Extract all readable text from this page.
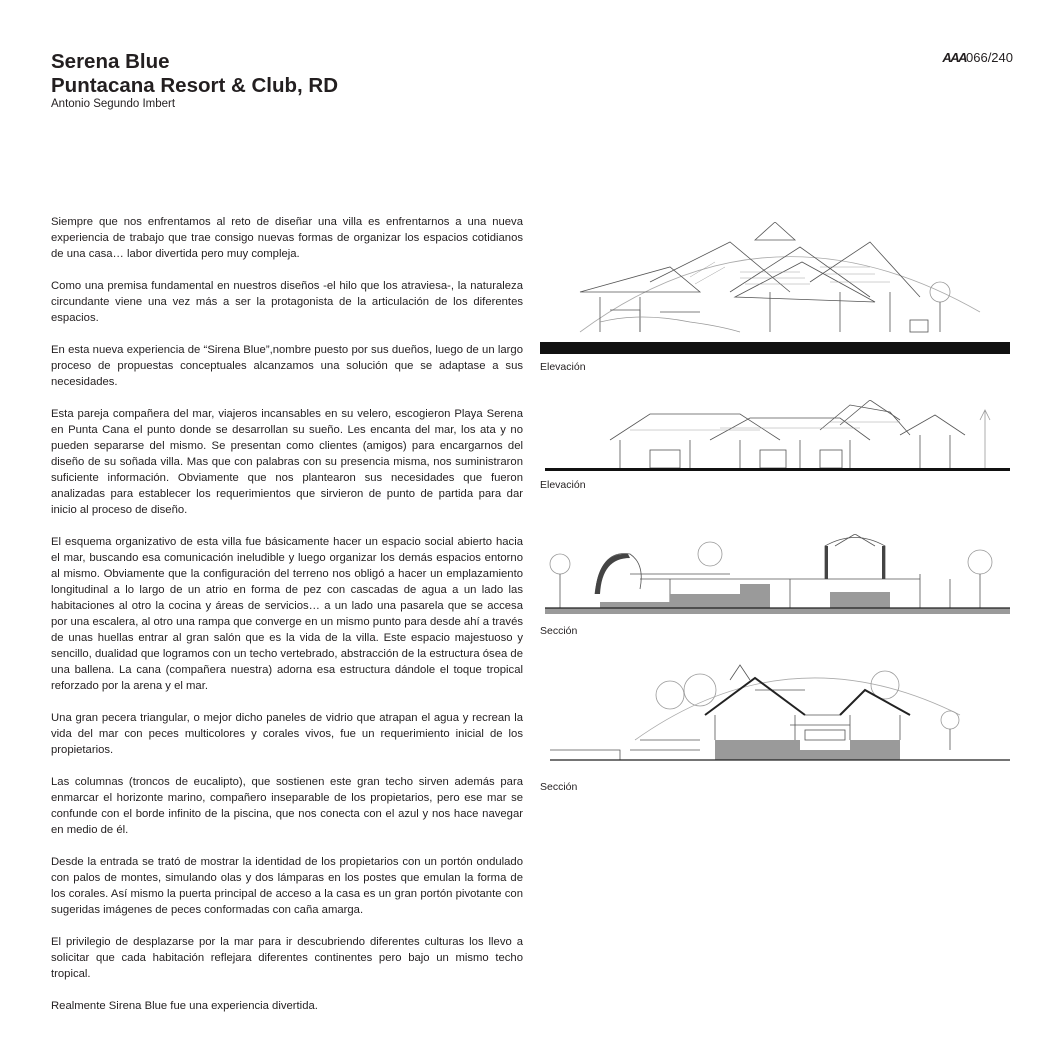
Serena Blue
Puntacana Resort & Club, RD
Antonio Segundo Imbert
AAA066/240

Siempre que nos enfrentamos al reto de diseñar una villa es enfrentarnos a una nueva experiencia de trabajo que trae consigo nuevas formas de organizar los espacios cotidianos de una casa… labor divertida pero muy compleja.

Como una premisa fundamental en nuestros diseños -el hilo que los atraviesa-, la naturaleza circundante viene una vez más a ser la protagonista de la articulación de los diferentes espacios.

En esta nueva experiencia de “Sirena Blue”,nombre puesto por sus dueños, luego de un largo proceso de propuestas conceptuales alcanzamos una solución que se adaptase a sus necesidades.

Esta pareja compañera del mar, viajeros incansables en su velero, escogieron Playa Serena en Punta Cana el punto donde se desarrollan su sueño. Les encanta del mar, los ata y no pueden separarse del mismo. Se presentan como clientes (amigos) para encargarnos del diseño de su soñada villa. Mas que con palabras con su presencia misma, nos suministraron suficiente información. Obviamente que nos plantearon sus necesidades que fueron analizadas para establecer los requerimientos que sirvieron de punto de partida para dar inicio al proceso de diseño.

El esquema organizativo de esta villa fue básicamente hacer un espacio social abierto hacia el mar, buscando esa comunicación ineludible y luego organizar los demás espacios entorno al mismo. Obviamente que la configuración del terreno nos obligó a hacer un emplazamiento longitudinal a lo largo de un atrio en forma de pez con cascadas de agua a un lado las habitaciones al otro la cocina y áreas de servicios… a un lado una pasarela que se accesa por una escalera, al otro una rampa que converge en un mismo punto para desde ahí a través de unas huellas entrar al gran salón que es la vida de la villa. Este espacio majestuoso y sencillo, dualidad que logramos con un techo vertebrado, abstracción de la estructura ósea de una ballena. La cana (compañera nuestra) adorna esa estructura dándole el toque tropical reforzado por la arena y el mar.

Una gran pecera triangular, o mejor dicho paneles de vidrio que atrapan el agua y recrean la vida del mar con peces multicolores y corales vivos, fue un requerimiento inicial de los propietarios.

Las columnas (troncos de eucalipto), que sostienen este gran techo sirven además para enmarcar el horizonte marino, compañero inseparable de los propietarios, pero ese mar se confunde con el borde infinito de la piscina, que nos conecta con el azul y nos hace navegar en medio de él.

Desde la entrada se trató de mostrar la identidad de los propietarios con un portón ondulado con palos de montes, simulando olas y dos lámparas en los postes que emulan la forma de los corales. Así mismo la puerta principal de acceso a la casa es un gran portón pivotante con sugeridas imágenes de peces conformadas con caña amarga.

El privilegio de desplazarse por la mar para ir descubriendo diferentes culturas los llevo a solicitar que cada habitación reflejara diferentes continentes pero bajo un mismo techo tropical.

Realmente Sirena Blue fue una experiencia divertida.

Elevación
Elevación
Sección
Sección
